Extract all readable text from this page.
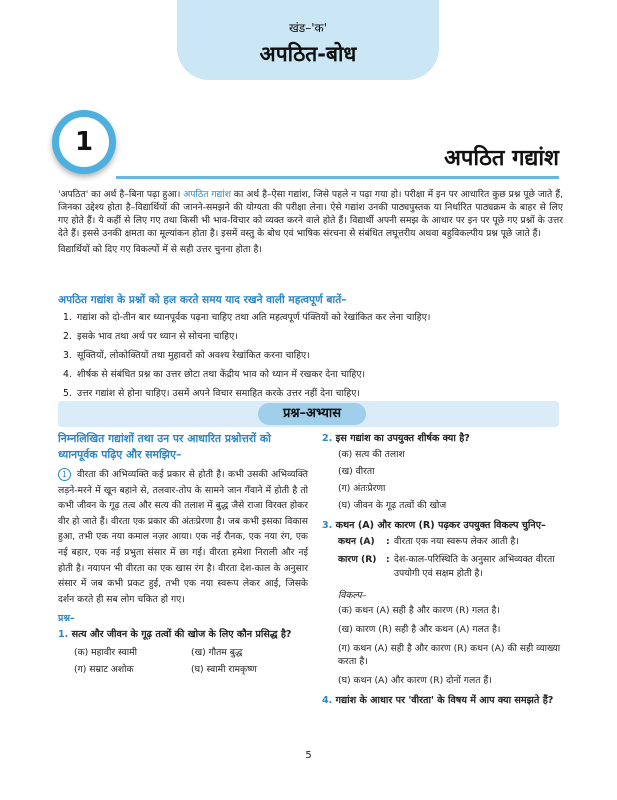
खंड–'क'
अपठित-बोध
1
अपठित गद्यांश

'अपठित' का अर्थ है–बिना पढ़ा हुआ। अपठित गद्यांश का अर्थ है–ऐसा गद्यांश, जिसे पहले न पढ़ा गया हो। परीक्षा में इन पर आधारित कुछ प्रश्न पूछे जाते हैं, जिनका उद्देश्य होता है–विद्यार्थियों की जानने-समझने की योग्यता की परीक्षा लेना। ऐसे गद्यांश उनकी पाठ्यपुस्तक या निर्धारित पाठ्यक्रम के बाहर से लिए गए होते हैं। ये कहीं से लिए गए तथा किसी भी भाव-विचार को व्यक्त करने वाले होते हैं। विद्यार्थी अपनी समझ के आधार पर इन पर पूछे गए प्रश्नों के उत्तर देते हैं। इससे उनकी क्षमता का मूल्यांकन होता है। इसमें वस्तु के बोध एवं भाषिक संरचना से संबंधित लघूत्तरीय अथवा बहुविकल्पीय प्रश्न पूछे जाते हैं।

विद्यार्थियों को दिए गए विकल्पों में से सही उत्तर चुनना होता है।

अपठित गद्यांश के प्रश्नों को हल करते समय याद रखने वाली महत्वपूर्ण बातें–
1. गद्यांश को दो-तीन बार ध्यानपूर्वक पढ़ना चाहिए तथा अति महत्वपूर्ण पंक्तियों को रेखांकित कर लेना चाहिए।
2. इसके भाव तथा अर्थ पर ध्यान से सोचना चाहिए।
3. सूक्तियों, लोकोक्तियों तथा मुहावरों को अवश्य रेखांकित करना चाहिए।
4. शीर्षक से संबंधित प्रश्न का उत्तर छोटा तथा केंद्रीय भाव को ध्यान में रखकर देना चाहिए।
5. उत्तर गद्यांश से होना चाहिए। उसमें अपने विचार समाहित करके उत्तर नहीं देना चाहिए।
प्रश्न–अभ्यास
निम्नलिखित गद्यांशों तथा उन पर आधारित प्रश्नोत्तरों को ध्यानपूर्वक पढ़िए और समझिए–
1 वीरता की अभिव्यक्ति कई प्रकार से होती है। कभी उसकी अभिव्यक्ति लड़ने-मरने में खून बहाने से, तलवार-तोप के सामने जान गँवाने में होती है तो कभी जीवन के गूढ़ तत्व और सत्य की तलाश में बुद्ध जैसे राजा विरक्त होकर वीर हो जाते हैं। वीरता एक प्रकार की अंतःप्रेरणा है। जब कभी इसका विकास हुआ, तभी एक नया कमाल नज़र आया। एक नई रौनक, एक नया रंग, एक नई बहार, एक नई प्रभुता संसार में छा गई। वीरता हमेशा निराली और नई होती है। नयापन भी वीरता का एक खास रंग है। वीरता देश-काल के अनुसार संसार में जब कभी प्रकट हुई, तभी एक नया स्वरूप लेकर आई, जिसके दर्शन करते ही सब लोग चकित हो गए।
प्रश्न–
1. सत्य और जीवन के गूढ़ तत्वों की खोज के लिए कौन प्रसिद्ध है?
(क) महावीर स्वामी	(ख) गौतम बुद्ध
(ग) सम्राट अशोक	(घ) स्वामी रामकृष्ण
2. इस गद्यांश का उपयुक्त शीर्षक क्या है?
(क) सत्य की तलाश
(ख) वीरता
(ग) अंतःप्रेरणा
(घ) जीवन के गूढ़ तत्वों की खोज
3. कथन (A) और कारण (R) पढ़कर उपयुक्त विकल्प चुनिए–
कथन (A)	: वीरता एक नया स्वरूप लेकर आती है।
कारण (R)	: देश-काल-परिस्थिति के अनुसार अभिव्यक्त वीरता उपयोगी एवं सक्षम होती है।
विकल्प–
(क) कथन (A) सही है और कारण (R) गलत है।
(ख) कारण (R) सही है और कथन (A) गलत है।
(ग) कथन (A) सही है और कारण (R) कथन (A) की सही व्याख्या करता है।
(घ) कथन (A) और कारण (R) दोनों गलत हैं।
4. गद्यांश के आधार पर 'वीरता' के विषय में आप क्या समझते हैं?
5
